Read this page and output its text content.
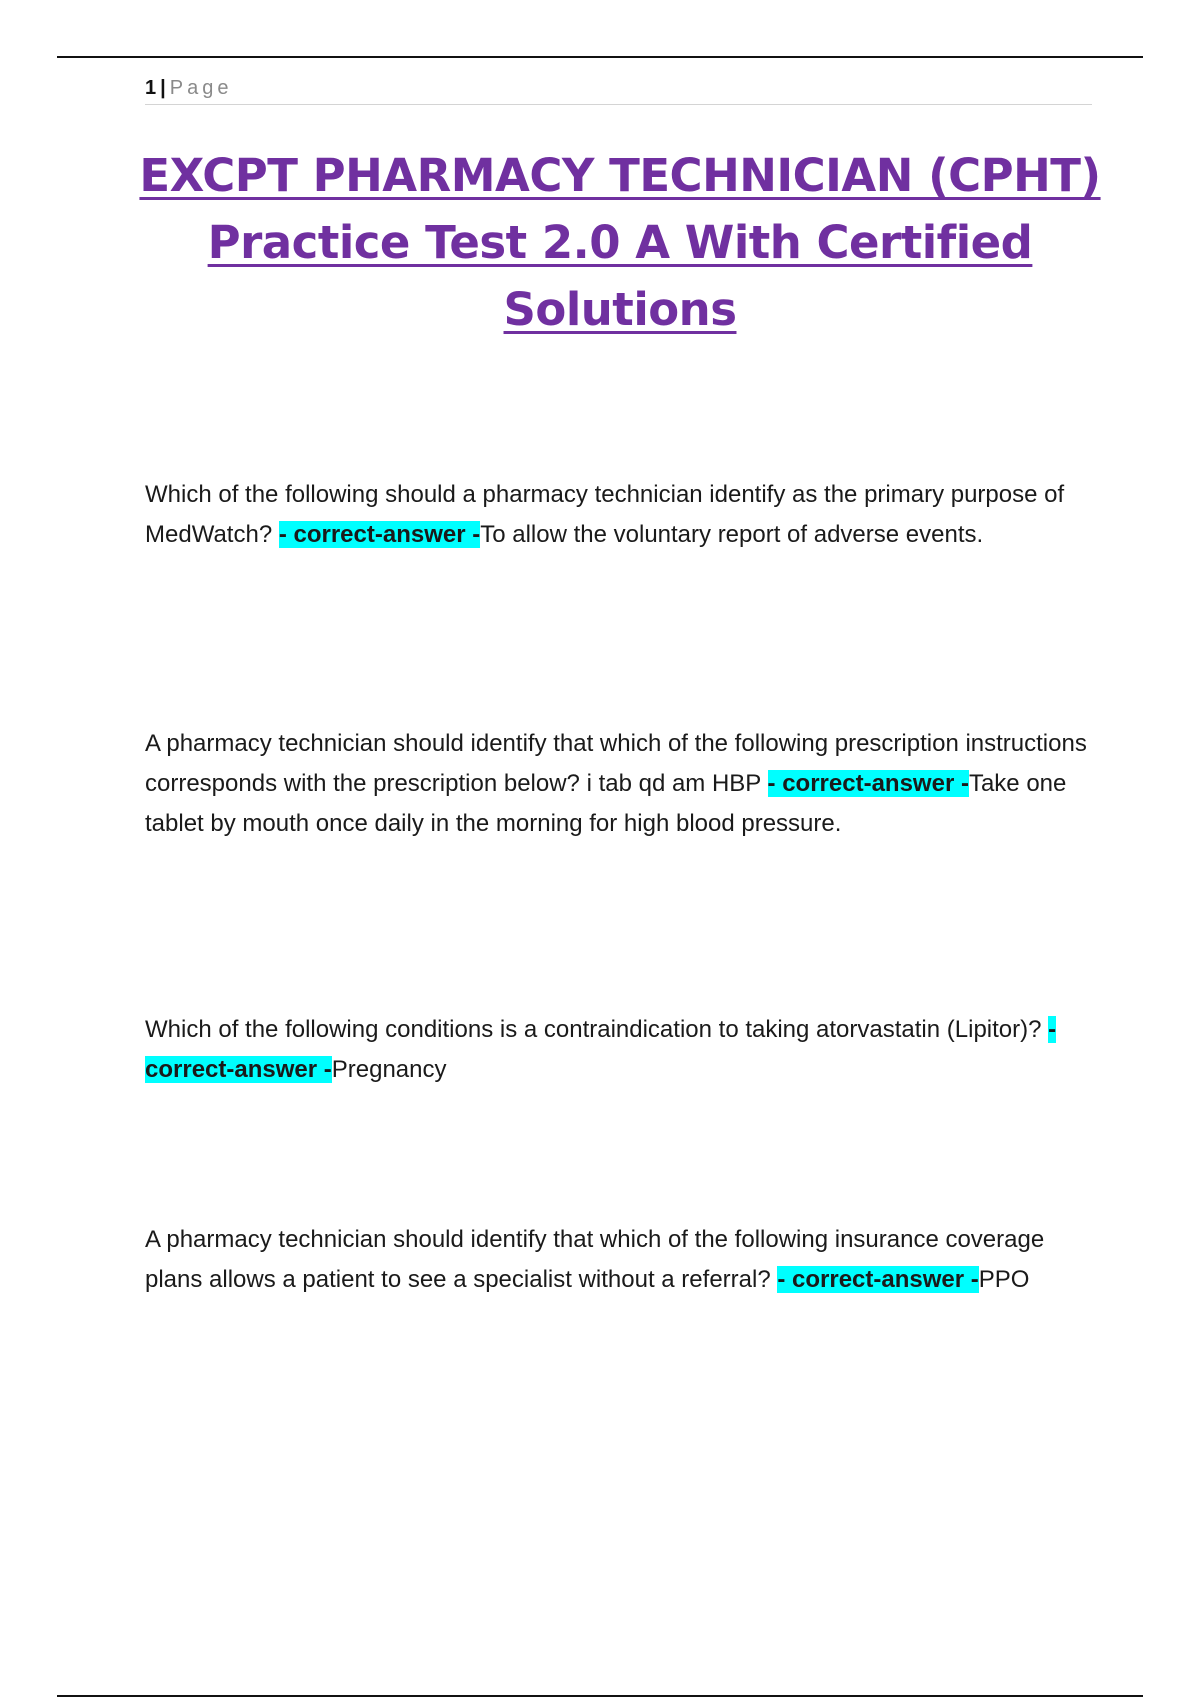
1 | Page
EXCPT PHARMACY TECHNICIAN (CPHT)
Practice Test 2.0 A With Certified
Solutions

Which of the following should a pharmacy technician identify as the primary purpose of MedWatch? - correct-answer -To allow the voluntary report of adverse events.

A pharmacy technician should identify that which of the following prescription instructions corresponds with the prescription below? i tab qd am HBP - correct-answer -Take one tablet by mouth once daily in the morning for high blood pressure.

Which of the following conditions is a contraindication to taking atorvastatin (Lipitor)? - correct-answer -Pregnancy

A pharmacy technician should identify that which of the following insurance coverage plans allows a patient to see a specialist without a referral? - correct-answer -PPO
